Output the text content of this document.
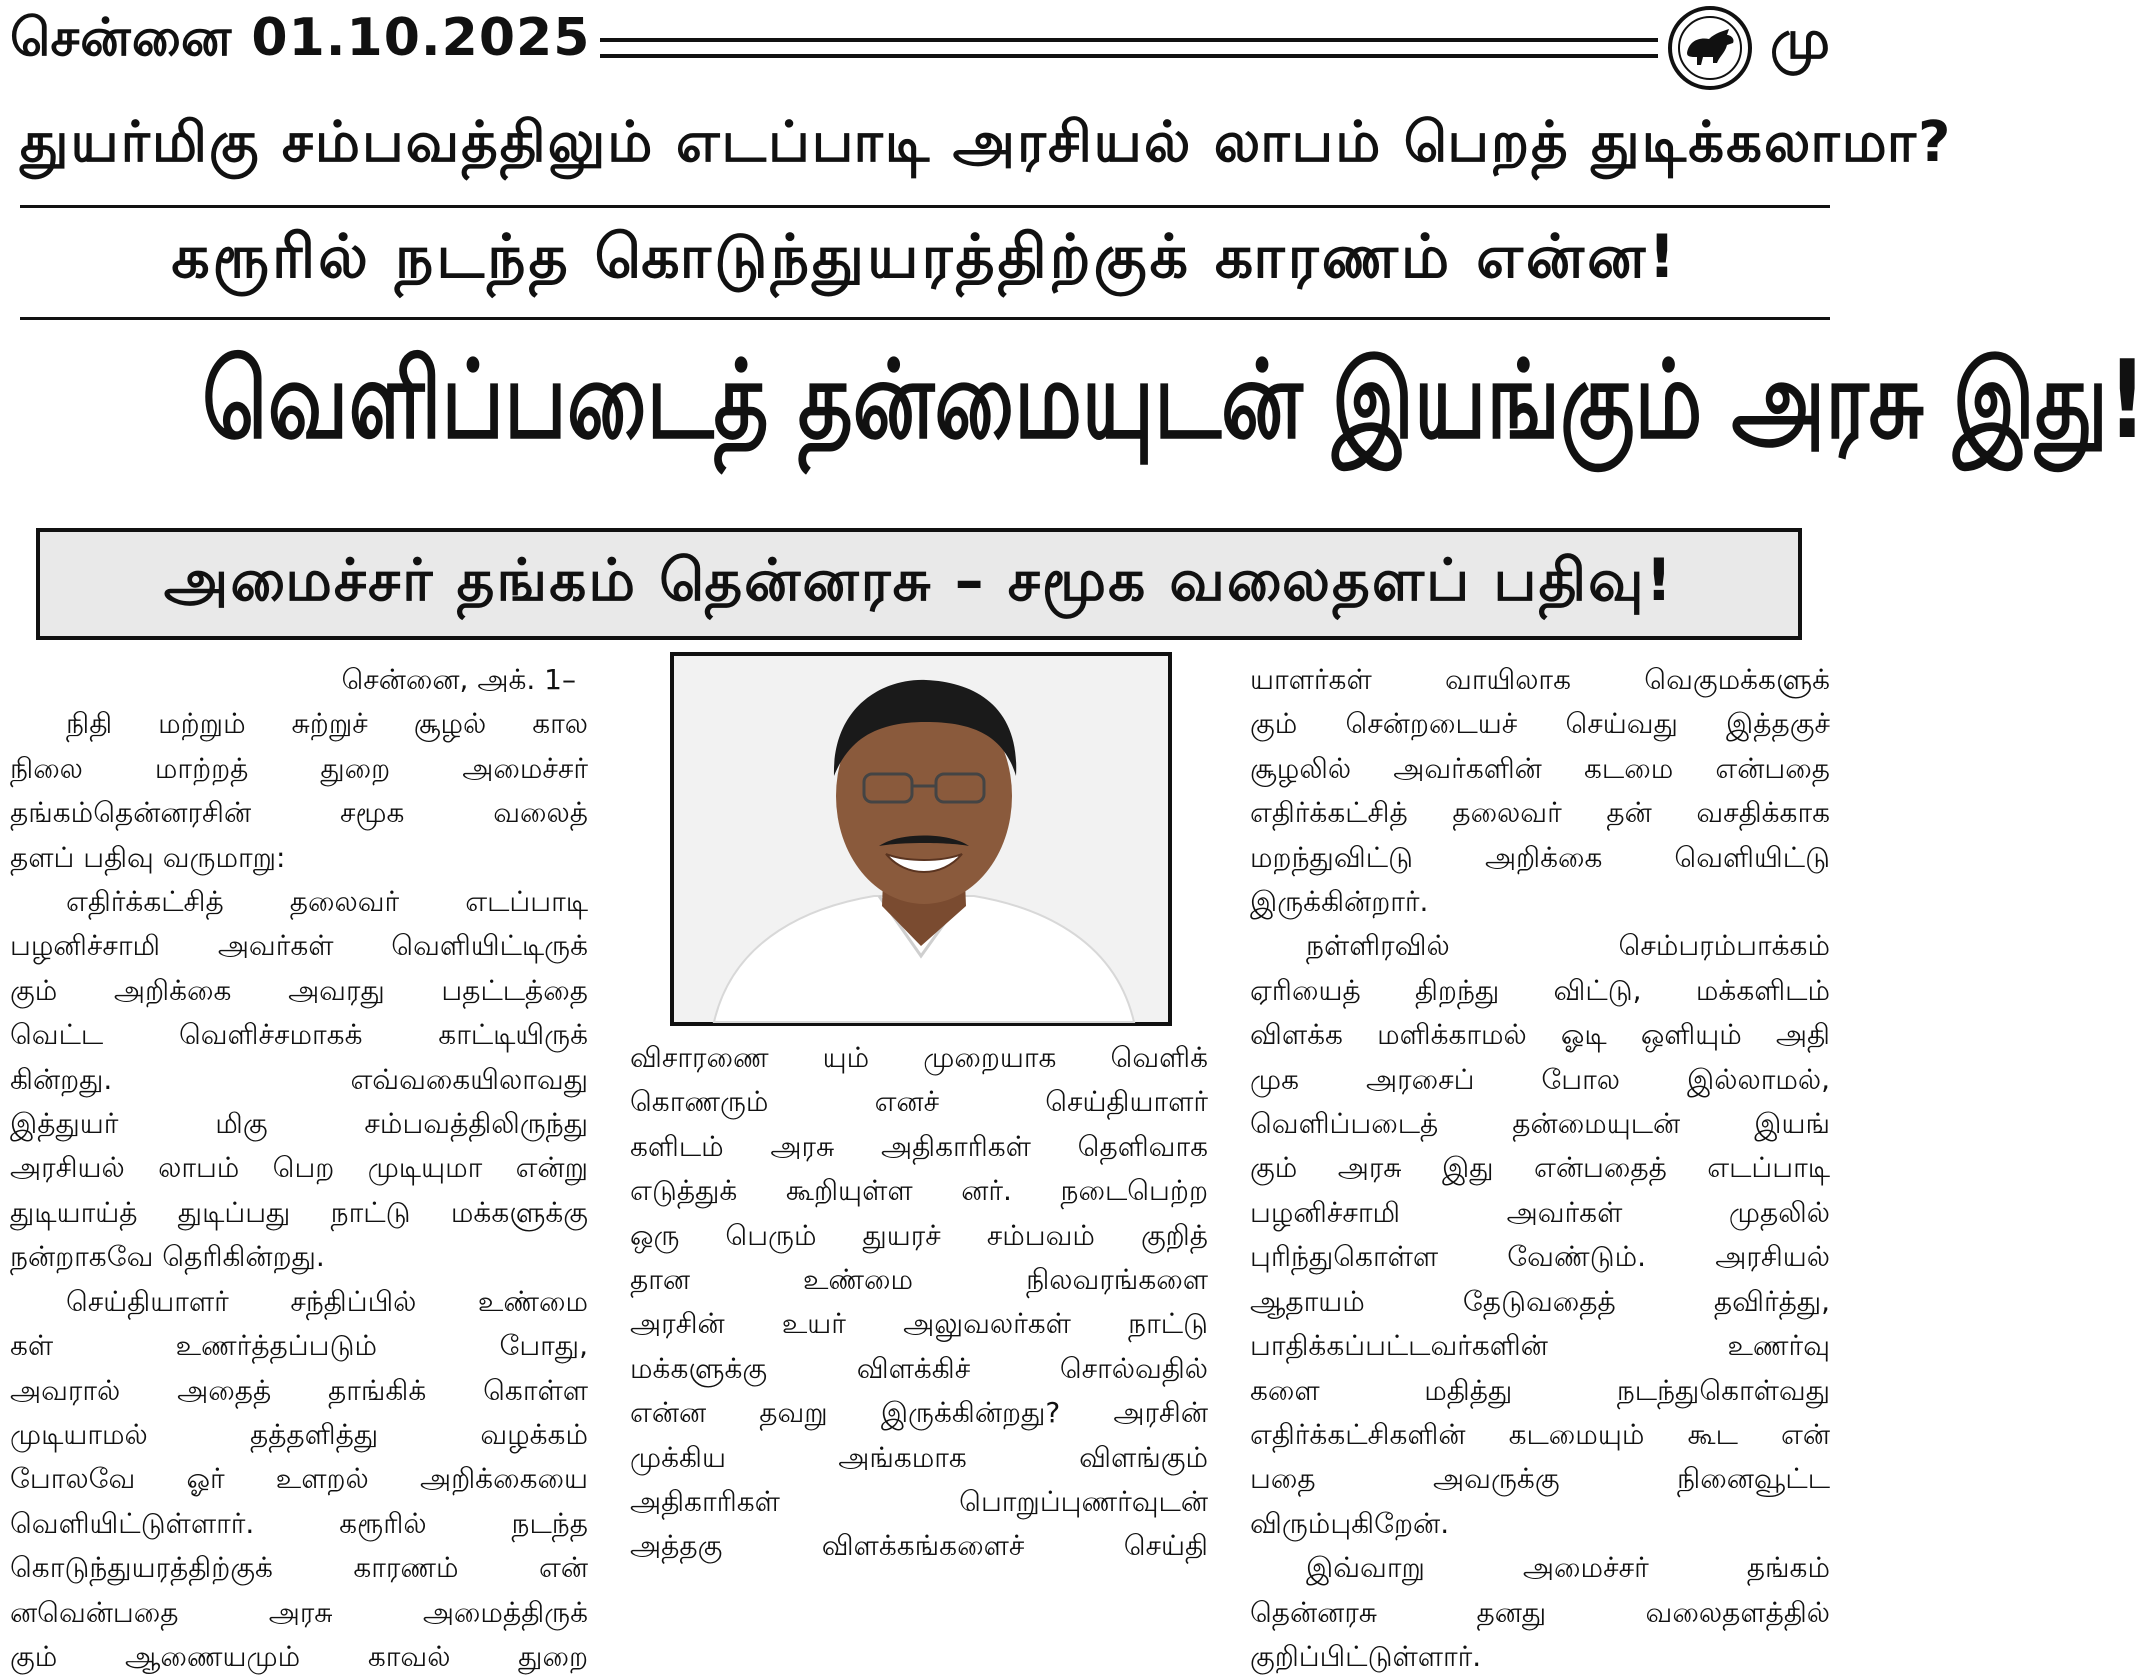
சென்னை 01.10.2025	மு
துயர்மிகு சம்பவத்திலும் எடப்பாடி அரசியல் லாபம் பெறத் துடிக்கலாமா?
கரூரில் நடந்த கொடுந்துயரத்திற்குக் காரணம் என்ன!
வெளிப்படைத் தன்மையுடன் இயங்கும் அரசு இது!
அமைச்சர் தங்கம் தென்னரசு – சமூக வலைதளப் பதிவு!

சென்னை, அக். 1–

நிதி மற்றும் சுற்றுச் சூழல் கால

நிலை மாற்றத் துறை அமைச்சர்

தங்கம்தென்னரசின் சமூக வலைத்

தளப் பதிவு வருமாறு:

எதிர்க்கட்சித் தலைவர் எடப்பாடி

பழனிச்சாமி அவர்கள் வெளியிட்டிருக்

கும் அறிக்கை அவரது பதட்டத்தை

வெட்ட வெளிச்சமாகக் காட்டியிருக்

கின்றது. எவ்வகையிலாவது

இத்துயர் மிகு சம்பவத்திலிருந்து

அரசியல் லாபம் பெற முடியுமா என்று

துடியாய்த் துடிப்பது நாட்டு மக்களுக்கு

நன்றாகவே தெரிகின்றது.

செய்தியாளர் சந்திப்பில் உண்மை

கள் உணர்த்தப்படும் போது,

அவரால் அதைத் தாங்கிக் கொள்ள

முடியாமல் தத்தளித்து வழக்கம்

போலவே ஓர் உளறல் அறிக்கையை

வெளியிட்டுள்ளார். கரூரில் நடந்த

கொடுந்துயரத்திற்குக் காரணம் என்

னவென்பதை அரசு அமைத்திருக்

கும் ஆணையமும் காவல் துறை

விசாரணை யும் முறையாக வெளிக்

கொணரும் எனச் செய்தியாளர்

களிடம் அரசு அதிகாரிகள் தெளிவாக

எடுத்துக் கூறியுள்ள னர். நடைபெற்ற

ஒரு பெரும் துயரச் சம்பவம் குறித்

தான உண்மை நிலவரங்களை

அரசின் உயர் அலுவலர்கள் நாட்டு

மக்களுக்கு விளக்கிச் சொல்வதில்

என்ன தவறு இருக்கின்றது? அரசின்

முக்கிய அங்கமாக விளங்கும்

அதிகாரிகள் பொறுப்புணர்வுடன்

அத்தகு விளக்கங்களைச் செய்தி

யாளர்கள் வாயிலாக வெகுமக்களுக்

கும் சென்றடையச் செய்வது இத்தகுச்

சூழலில் அவர்களின் கடமை என்பதை

எதிர்க்கட்சித் தலைவர் தன் வசதிக்காக

மறந்துவிட்டு அறிக்கை வெளியிட்டு

இருக்கின்றார்.

நள்ளிரவில் செம்பரம்பாக்கம்

ஏரியைத் திறந்து விட்டு, மக்களிடம்

விளக்க மளிக்காமல் ஓடி ஒளியும் அதி

முக அரசைப் போல இல்லாமல்,

வெளிப்படைத் தன்மையுடன் இயங்

கும் அரசு இது என்பதைத் எடப்பாடி

பழனிச்சாமி அவர்கள் முதலில்

புரிந்துகொள்ள வேண்டும். அரசியல்

ஆதாயம் தேடுவதைத் தவிர்த்து,

பாதிக்கப்பட்டவர்களின் உணர்வு

களை மதித்து நடந்துகொள்வது

எதிர்க்கட்சிகளின் கடமையும் கூட என்

பதை அவருக்கு நினைவூட்ட

விரும்புகிறேன்.

இவ்வாறு அமைச்சர் தங்கம்

தென்னரசு தனது வலைதளத்தில்

குறிப்பிட்டுள்ளார்.
